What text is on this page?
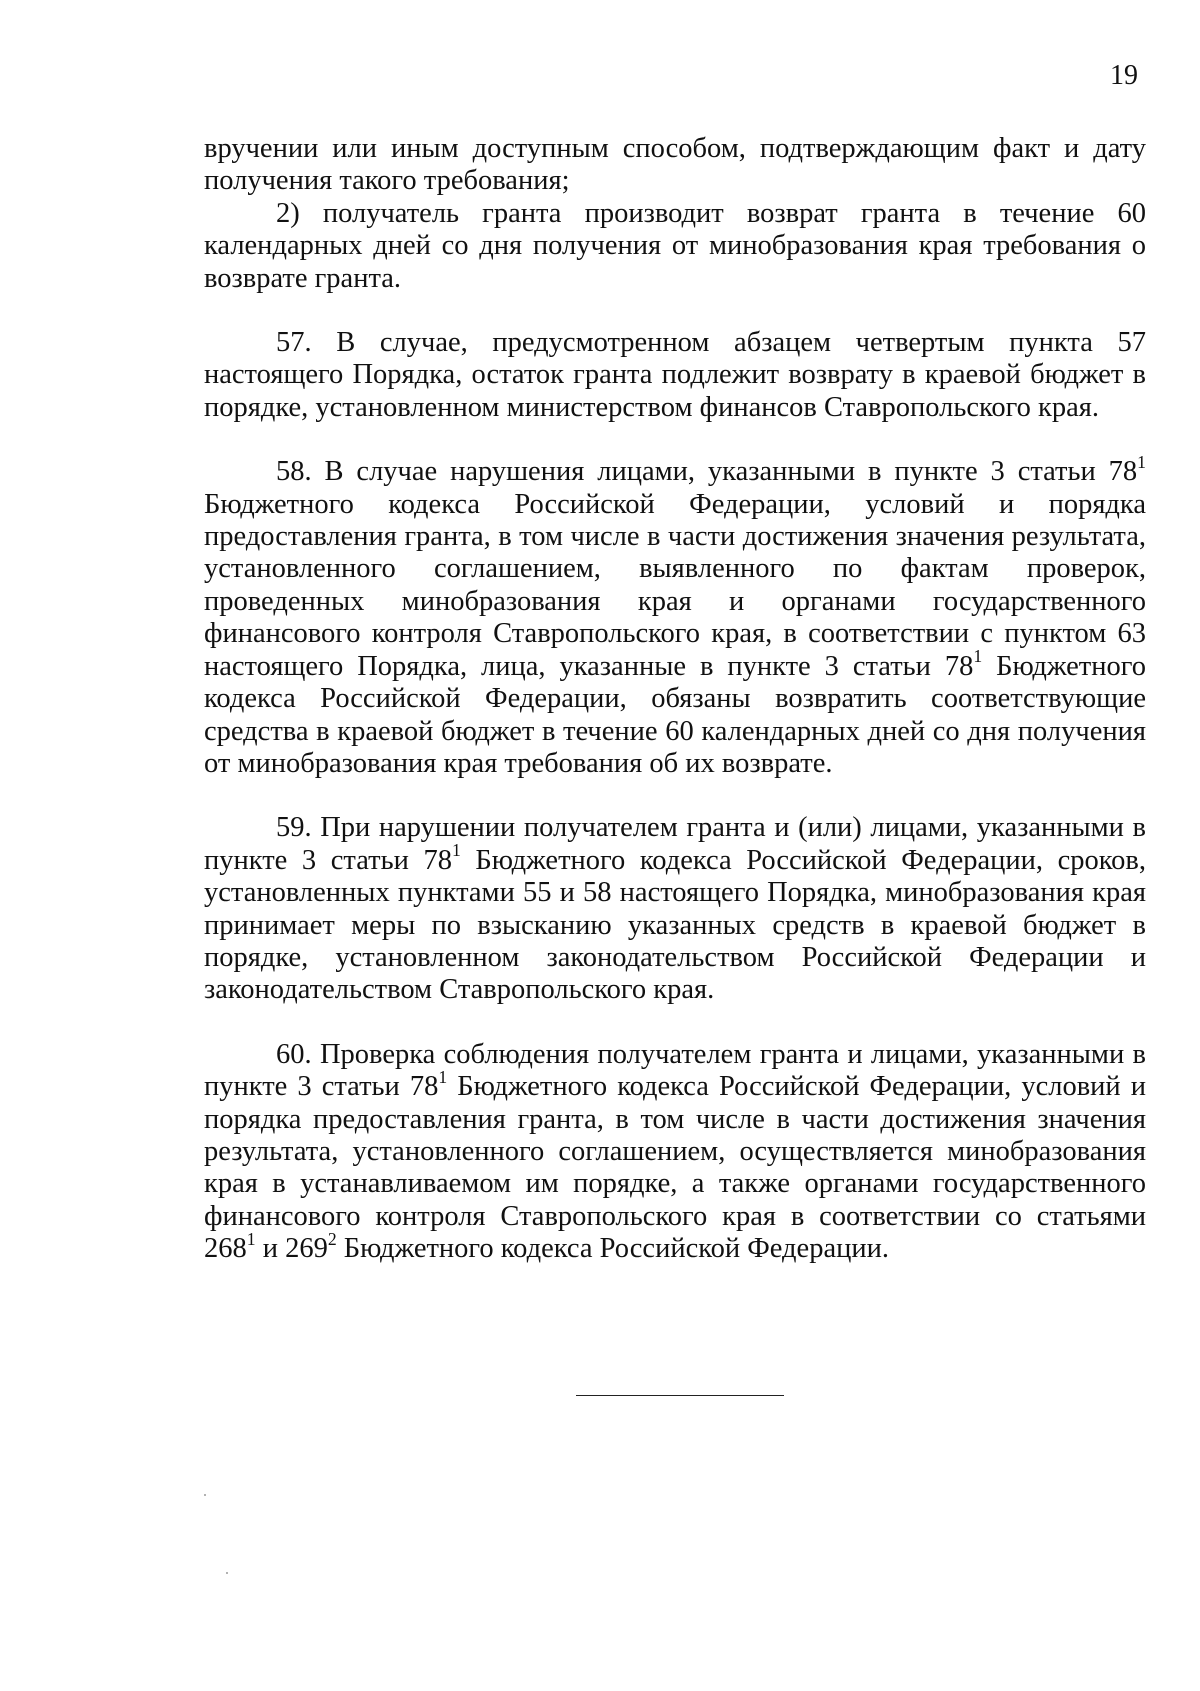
19

вручении или иным доступным способом, подтверждающим факт и дату получения такого требования;

2) получатель гранта производит возврат гранта в течение 60 календарных дней со дня получения от минобразования края требования о возврате гранта.

57. В случае, предусмотренном абзацем четвертым пункта 57 настоящего Порядка, остаток гранта подлежит возврату в краевой бюджет в порядке, установленном министерством финансов Ставропольского края.

58. В случае нарушения лицами, указанными в пункте 3 статьи $78^1$ Бюджетного кодекса Российской Федерации, условий и порядка предоставления гранта, в том числе в части достижения значения результата, установленного соглашением, выявленного по фактам проверок, проведенных минобразования края и органами государственного финансового контроля Ставропольского края, в соответствии с пунктом 63 настоящего Порядка, лица, указанные в пункте 3 статьи $78^1$ Бюджетного кодекса Российской Федерации, обязаны возвратить соответствующие средства в краевой бюджет в течение 60 календарных дней со дня получения от минобразования края требования об их возврате.

59. При нарушении получателем гранта и (или) лицами, указанными в пункте 3 статьи $78^1$ Бюджетного кодекса Российской Федерации, сроков, установленных пунктами 55 и 58 настоящего Порядка, минобразования края принимает меры по взысканию указанных средств в краевой бюджет в порядке, установленном законодательством Российской Федерации и законодательством Ставропольского края.

60. Проверка соблюдения получателем гранта и лицами, указанными в пункте 3 статьи $78^1$ Бюджетного кодекса Российской Федерации, условий и порядка предоставления гранта, в том числе в части достижения значения результата, установленного соглашением, осуществляется минобразования края в устанавливаемом им порядке, а также органами государственного финансового контроля Ставропольского края в соответствии со статьями $268^1$ и $269^2$ Бюджетного кодекса Российской Федерации.
